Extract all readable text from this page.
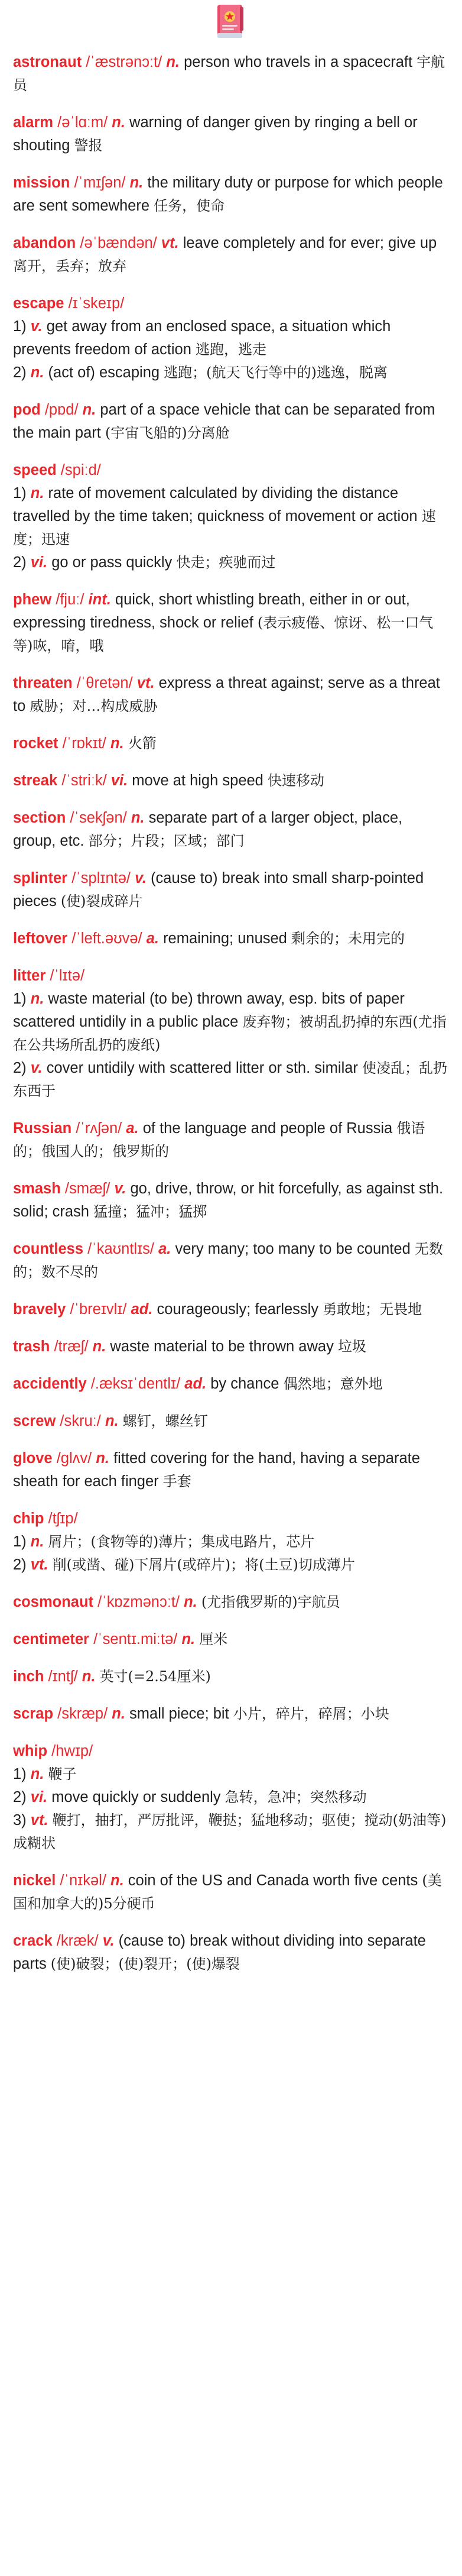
astronaut /ˈæstrənɔːt/ n. person who travels in a spacecraft 宇航员

alarm /əˈlɑːm/ n. warning of danger given by ringing a bell or shouting 警报

mission /ˈmɪʃən/ n. the military duty or purpose for which people are sent somewhere 任务，使命

abandon /əˈbændən/ vt. leave completely and for ever; give up 离开，丢弃；放弃

escape /ɪˈskeɪp/

1) v. get away from an enclosed space, a situation which prevents freedom of action 逃跑，逃走

2) n. (act of) escaping 逃跑；(航天飞行等中的)逃逸，脱离

pod /pɒd/ n. part of a space vehicle that can be separated from the main part (宇宙飞船的)分离舱

speed /spiːd/

1) n. rate of movement calculated by dividing the distance travelled by the time taken; quickness of movement or action 速度；迅速

2) vi. go or pass quickly 快走；疾驰而过

phew /fjuː/ int. quick, short whistling breath, either in or out, expressing tiredness, shock or relief (表示疲倦、惊讶、松一口气等)咴，唷，哦

threaten /ˈθretən/ vt. express a threat against; serve as a threat to 威胁；对…构成威胁

rocket /ˈrɒkɪt/ n. 火箭

streak /ˈstriːk/ vi. move at high speed 快速移动

section /ˈsekʃən/ n. separate part of a larger object, place, group, etc. 部分；片段；区域；部门

splinter /ˈsplɪntə/ v. (cause to) break into small sharp-pointed pieces (使)裂成碎片

leftover /ˈleft.əʊvə/ a. remaining; unused 剩余的；未用完的

litter /ˈlɪtə/

1) n. waste material (to be) thrown away, esp. bits of paper scattered untidily in a public place 废弃物；被胡乱扔掉的东西(尤指在公共场所乱扔的废纸)

2) v. cover untidily with scattered litter or sth. similar 使凌乱；乱扔东西于

Russian /ˈrʌʃən/ a. of the language and people of Russia 俄语的；俄国人的；俄罗斯的

smash /smæʃ/ v. go, drive, throw, or hit forcefully, as against sth. solid; crash 猛撞；猛冲；猛掷

countless /ˈkaʊntlɪs/ a. very many; too many to be counted 无数的；数不尽的

bravely /ˈbreɪvlɪ/ ad. courageously; fearlessly 勇敢地；无畏地

trash /træʃ/ n. waste material to be thrown away 垃圾

accidently /.æksɪˈdentlɪ/ ad. by chance 偶然地；意外地

screw /skruː/ n. 螺钉，螺丝钉

glove /glʌv/ n. fitted covering for the hand, having a separate sheath for each finger 手套

chip /tʃɪp/

1) n. 屑片；(食物等的)薄片；集成电路片，芯片

2) vt. 削(或凿、碰)下屑片(或碎片)；将(土豆)切成薄片

cosmonaut /ˈkɒzmənɔːt/ n. (尤指俄罗斯的)宇航员

centimeter /ˈsentɪ.miːtə/ n. 厘米

inch /ɪntʃ/ n. 英寸(=2.54厘米)

scrap /skræp/ n. small piece; bit 小片，碎片，碎屑；小块

whip /hwɪp/

1) n. 鞭子

2) vi. move quickly or suddenly 急转，急冲；突然移动

3) vt. 鞭打，抽打，严厉批评，鞭挞；猛地移动；驱使；搅动(奶油等)成糊状

nickel /ˈnɪkəl/ n. coin of the US and Canada worth five cents (美国和加拿大的)5分硬币

crack /kræk/ v. (cause to) break without dividing into separate parts (使)破裂；(使)裂开；(使)爆裂
